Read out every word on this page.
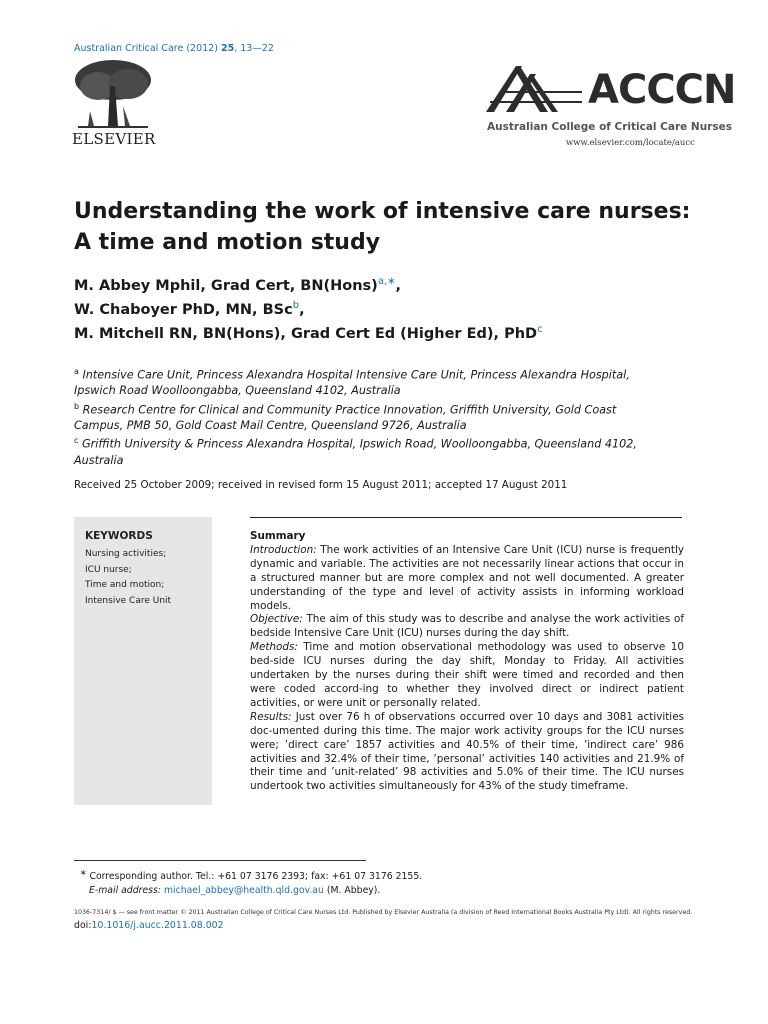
Australian Critical Care (2012) 25, 13—22
ELSEVIER
ACCCN
Australian College of Critical Care Nurses
www.elsevier.com/locate/aucc
Understanding the work of intensive care nurses:
A time and motion study
M. Abbey Mphil, Grad Cert, BN(Hons)$^{a,∗}$,
W. Chaboyer PhD, MN, BSc$^b$,
M. Mitchell RN, BN(Hons), Grad Cert Ed (Higher Ed), PhD$^c$
$^a$ Intensive Care Unit, Princess Alexandra Hospital Intensive Care Unit, Princess Alexandra Hospital,
Ipswich Road Woolloongabba, Queensland 4102, Australia
$^b$ Research Centre for Clinical and Community Practice Innovation, Griffith University, Gold Coast
Campus, PMB 50, Gold Coast Mail Centre, Queensland 9726, Australia
$^c$ Griffith University & Princess Alexandra Hospital, Ipswich Road, Woolloongabba, Queensland 4102,
Australia
Received 25 October 2009; received in revised form 15 August 2011; accepted 17 August 2011
KEYWORDS
Nursing activities;
ICU nurse;
Time and motion;
Intensive Care Unit
Summary
Introduction: The work activities of an Intensive Care Unit (ICU) nurse is frequently dynamic and variable. The activities are not necessarily linear actions that occur in a structured manner but are more complex and not well documented. A greater understanding of the type and level of activity assists in informing workload models.
Objective: The aim of this study was to describe and analyse the work activities of bedside Intensive Care Unit (ICU) nurses during the day shift.
Methods: Time and motion observational methodology was used to observe 10 bed-side ICU nurses during the day shift, Monday to Friday. All activities undertaken by the nurses during their shift were timed and recorded and then were coded accord-ing to whether they involved direct or indirect patient activities, or were unit or personally related.
Results: Just over 76 h of observations occurred over 10 days and 3081 activities doc-umented during this time. The major work activity groups for the ICU nurses were; ’direct care’ 1857 activities and 40.5% of their time, ’indirect care’ 986 activities and 32.4% of their time, ’personal’ activities 140 activities and 21.9% of their time and ’unit-related’ 98 activities and 5.0% of their time. The ICU nurses undertook two activities simultaneously for 43% of the study timeframe.
∗ Corresponding author. Tel.: +61 07 3176 2393; fax: +61 07 3176 2155.
E-mail address: michael_abbey@health.qld.gov.au (M. Abbey).
1036-7314/ $ — see front matter © 2011 Australian College of Critical Care Nurses Ltd. Published by Elsevier Australia (a division of Reed International Books Australia Pty Ltd). All rights reserved.
doi:10.1016/j.aucc.2011.08.002
